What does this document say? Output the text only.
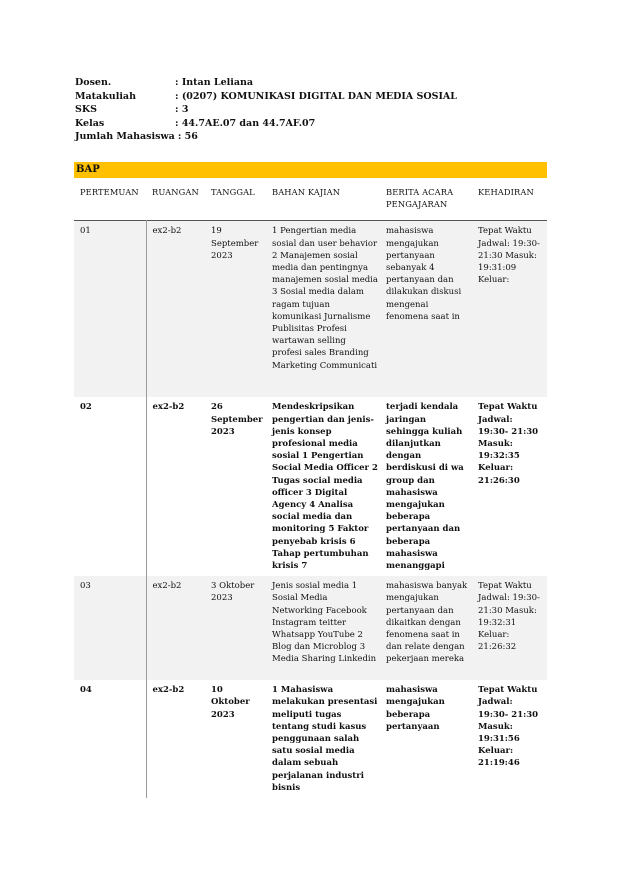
Dosen.	: Intan Leliana
Matakuliah	: (0207) KOMUNIKASI DIGITAL DAN MEDIA SOSIAL
SKS	: 3
Kelas	: 44.7AE.07 dan 44.7AF.07
Jumlah Mahasiswa : 56
BAP
PERTEMUAN	RUANGAN	TANGGAL	BAHAN KAJIAN	BERITA ACARA PENGAJARAN	KEHADIRAN
01	ex2-b2	19 September 2023	1 Pengertian media sosial dan user behavior 2 Manajemen sosial media dan pentingnya manajemen sosial media 3 Sosial media dalam ragam tujuan komunikasi Jurnalisme Publisitas Profesi wartawan selling profesi sales Branding Marketing Communicati	mahasiswa mengajukan pertanyaan sebanyak 4 pertanyaan dan dilakukan diskusi mengenai fenomena saat in	Tepat Waktu Jadwal: 19:30- 21:30 Masuk: 19:31:09 Keluar:
02	ex2-b2	26 September 2023	Mendeskripsikan pengertian dan jenis-jenis konsep profesional media sosial 1 Pengertian Social Media Officer 2 Tugas social media officer 3 Digital Agency 4 Analisa social media dan monitoring 5 Faktor penyebab krisis 6 Tahap pertumbuhan krisis 7	terjadi kendala jaringan sehingga kuliah dilanjutkan dengan berdiskusi di wa group dan mahasiswa mengajukan beberapa pertanyaan dan beberapa mahasiswa menanggapi	Tepat Waktu Jadwal: 19:30- 21:30 Masuk: 19:32:35 Keluar: 21:26:30
03	ex2-b2	3 Oktober 2023	Jenis sosial media 1 Sosial Media Networking Facebook Instagram teitter Whatsapp YouTube 2 Blog dan Microblog 3 Media Sharing Linkedin	mahasiswa banyak mengajukan pertanyaan dan dikaitkan dengan fenomena saat in dan relate dengan pekerjaan mereka	Tepat Waktu Jadwal: 19:30- 21:30 Masuk: 19:32:31 Keluar: 21:26:32
04	ex2-b2	10 Oktober 2023	1 Mahasiswa melakukan presentasi meliputi tugas tentang studi kasus penggunaan salah satu sosial media dalam sebuah perjalanan industri bisnis	mahasiswa mengajukan beberapa pertanyaan	Tepat Waktu Jadwal: 19:30- 21:30 Masuk: 19:31:56 Keluar: 21:19:46
